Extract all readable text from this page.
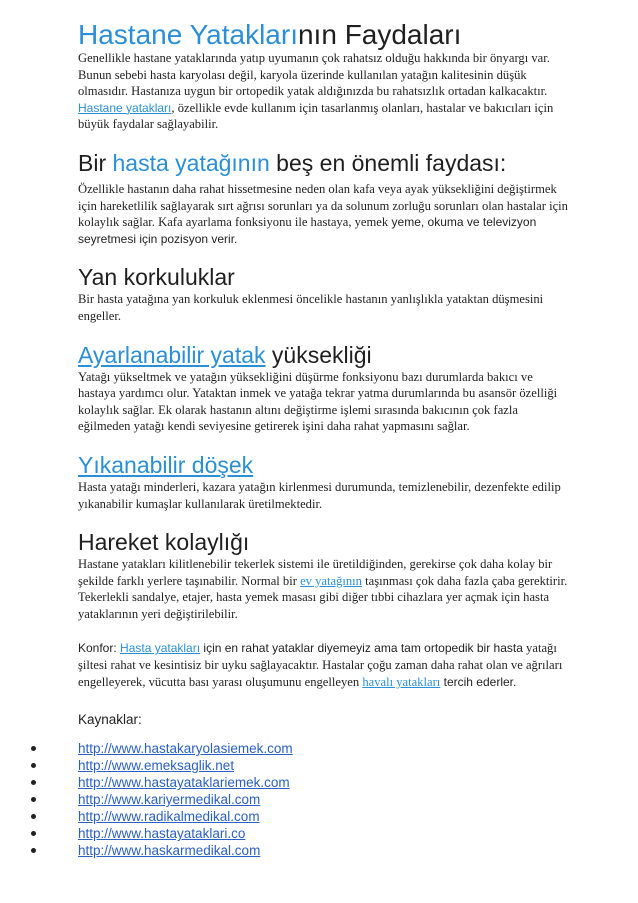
Hastane Yataklarının Faydaları

Genellikle hastane yataklarında yatıp uyumanın çok rahatsız olduğu hakkında bir önyargı var. Bunun sebebi hasta karyolası değil, karyola üzerinde kullanılan yatağın kalitesinin düşük olmasıdır. Hastanıza uygun bir ortopedik yatak aldığınızda bu rahatsızlık ortadan kalkacaktır. Hastane yatakları, özellikle evde kullanım için tasarlanmış olanları, hastalar ve bakıcıları için büyük faydalar sağlayabilir.

Bir hasta yatağının beş en önemli faydası:

Özellikle hastanın daha rahat hissetmesine neden olan kafa veya ayak yüksekliğini değiştirmek için hareketlilik sağlayarak sırt ağrısı sorunları ya da solunum zorluğu sorunları olan hastalar için kolaylık sağlar. Kafa ayarlama fonksiyonu ile hastaya, yemek yeme, okuma ve televizyon seyretmesi için pozisyon verir.

Yan korkuluklar

Bir hasta yatağına yan korkuluk eklenmesi öncelikle hastanın yanlışlıkla yataktan düşmesini engeller.

Ayarlanabilir yatak yüksekliği

Yatağı yükseltmek ve yatağın yüksekliğini düşürme fonksiyonu bazı durumlarda bakıcı ve hastaya yardımcı olur. Yataktan inmek ve yatağa tekrar yatma durumlarında bu asansör özelliği kolaylık sağlar. Ek olarak hastanın altını değiştirme işlemi sırasında bakıcının çok fazla eğilmeden yatağı kendi seviyesine getirerek işini daha rahat yapmasını sağlar.

Yıkanabilir döşek

Hasta yatağı minderleri, kazara yatağın kirlenmesi durumunda, temizlenebilir, dezenfekte edilip yıkanabilir kumaşlar kullanılarak üretilmektedir.

Hareket kolaylığı

Hastane yatakları kilitlenebilir tekerlek sistemi ile üretildiğinden, gerekirse çok daha kolay bir şekilde farklı yerlere taşınabilir. Normal bir ev yatağının taşınması çok daha fazla çaba gerektirir. Tekerlekli sandalye, etajer, hasta yemek masası gibi diğer tıbbi cihazlara yer açmak için hasta yataklarının yeri değiştirilebilir.

Konfor: Hasta yatakları için en rahat yataklar diyemeyiz ama tam ortopedik bir hasta yatağı şiltesi rahat ve kesintisiz bir uyku sağlayacaktır. Hastalar çoğu zaman daha rahat olan ve ağrıları engelleyerek, vücutta bası yarası oluşumunu engelleyen havalı yatakları tercih ederler.

Kaynaklar:
http://www.hastakaryolasiemek.com
http://www.emeksaglik.net
http://www.hastayataklariemek.com
http://www.kariyermedikal.com
http://www.radikalmedikal.com
http://www.hastayataklari.co
http://www.haskarmedikal.com
